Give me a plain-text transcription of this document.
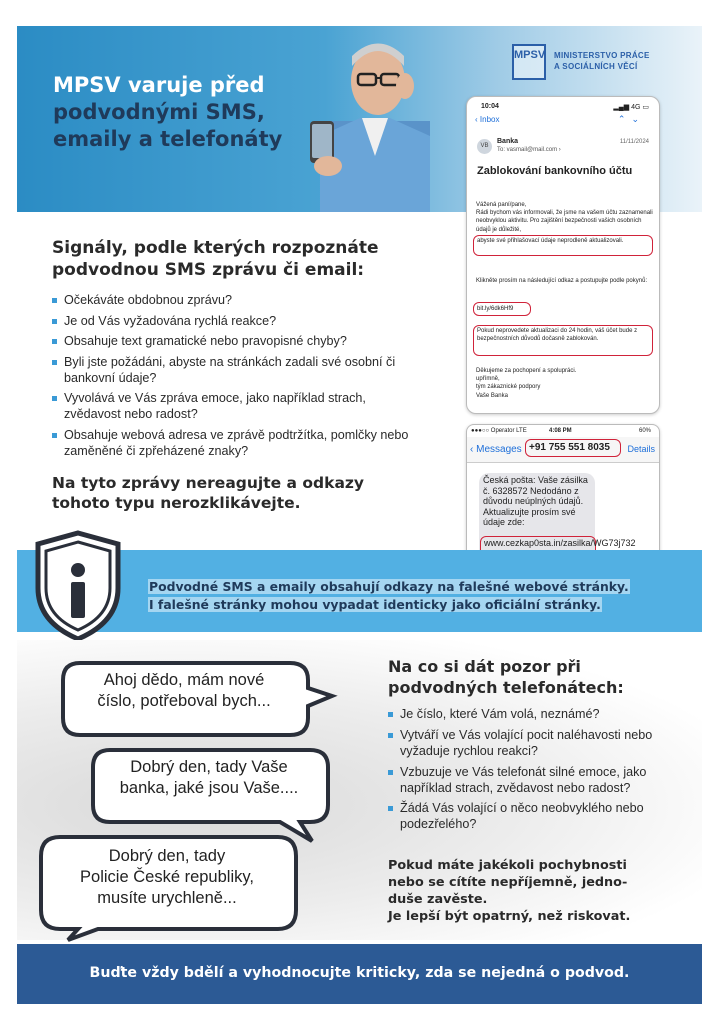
MPSV varuje před
podvodnými SMS,
emaily a telefonáty
MPSV MINISTERSTVO PRÁCE
A SOCIÁLNÍCH VĚCÍ
10:04	▂▄▆ 4G ▭
‹ Inbox	⌃⌄
VB
Banka
To: vasmail@mail.com ›
11/11/2024
Zablokování bankovního účtu
Vážená paní/pane,
Rádi bychom vás informovali, že jsme na vašem účtu zaznamenali neobvyklou aktivitu. Pro zajištění bezpečnosti vašich osobních údajů je důležité,
abyste své přihlašovací údaje neprodleně aktualizovali.
Klikněte prosím na následující odkaz a postupujte podle pokynů:
bit.ly/6dk6Hf9
Pokud neprovedete aktualizaci do 24 hodin, váš účet bude z bezpečnostních důvodů dočasně zablokován.
Děkujeme za pochopení a spolupráci.
upřímně,
tým zákaznické podpory
Vaše Banka
●●●○○ Operator LTE	4:08 PM	60%
‹ Messages +91 755 551 8035	Details
Česká pošta: Vaše zásilka č. 6328572 Nedodáno z důvodu neúplných údajů. Aktualizujte prosím své údaje zde:
www.cezkap0sta.in/zasilka/WG73j732
Signály, podle kterých rozpoznáte
podvodnou SMS zprávu či email:
Očekáváte obdobnou zprávu?
Je od Vás vyžadována rychlá reakce?
Obsahuje text gramatické nebo pravopisné chyby?
Byli jste požádáni, abyste na stránkách zadali své osobní či bankovní údaje?
Vyvolává ve Vás zpráva emoce, jako například strach, zvědavost nebo radost?
Obsahuje webová adresa ve zprávě podtržítka, pomlčky nebo zaměněné či zpřeházené znaky?
Na tyto zprávy nereagujte a odkazy
tohoto typu nerozklikávejte.
Podvodné SMS a emaily obsahují odkazy na falešné webové stránky.
I falešné stránky mohou vypadat identicky jako oficiální stránky.
Ahoj dědo, mám nové
číslo, potřeboval bych...
Dobrý den, tady Vaše
banka, jaké jsou Vaše....
Dobrý den, tady
Policie České republiky,
musíte urychleně...
Na co si dát pozor při
podvodných telefonátech:
Je číslo, které Vám volá, neznámé?
Vytváří ve Vás volající pocit naléhavosti nebo vyžaduje rychlou reakci?
Vzbuzuje ve Vás telefonát silné emoce, jako například strach, zvědavost nebo radost?
Žádá Vás volající o něco neobvyklého nebo podezřelého?
Pokud máte jakékoli pochybnosti
nebo se cítíte nepříjemně, jedno-
duše zavěste.
Je lepší být opatrný, než riskovat.
Buďte vždy bdělí a vyhodnocujte kriticky, zda se nejedná o podvod.
